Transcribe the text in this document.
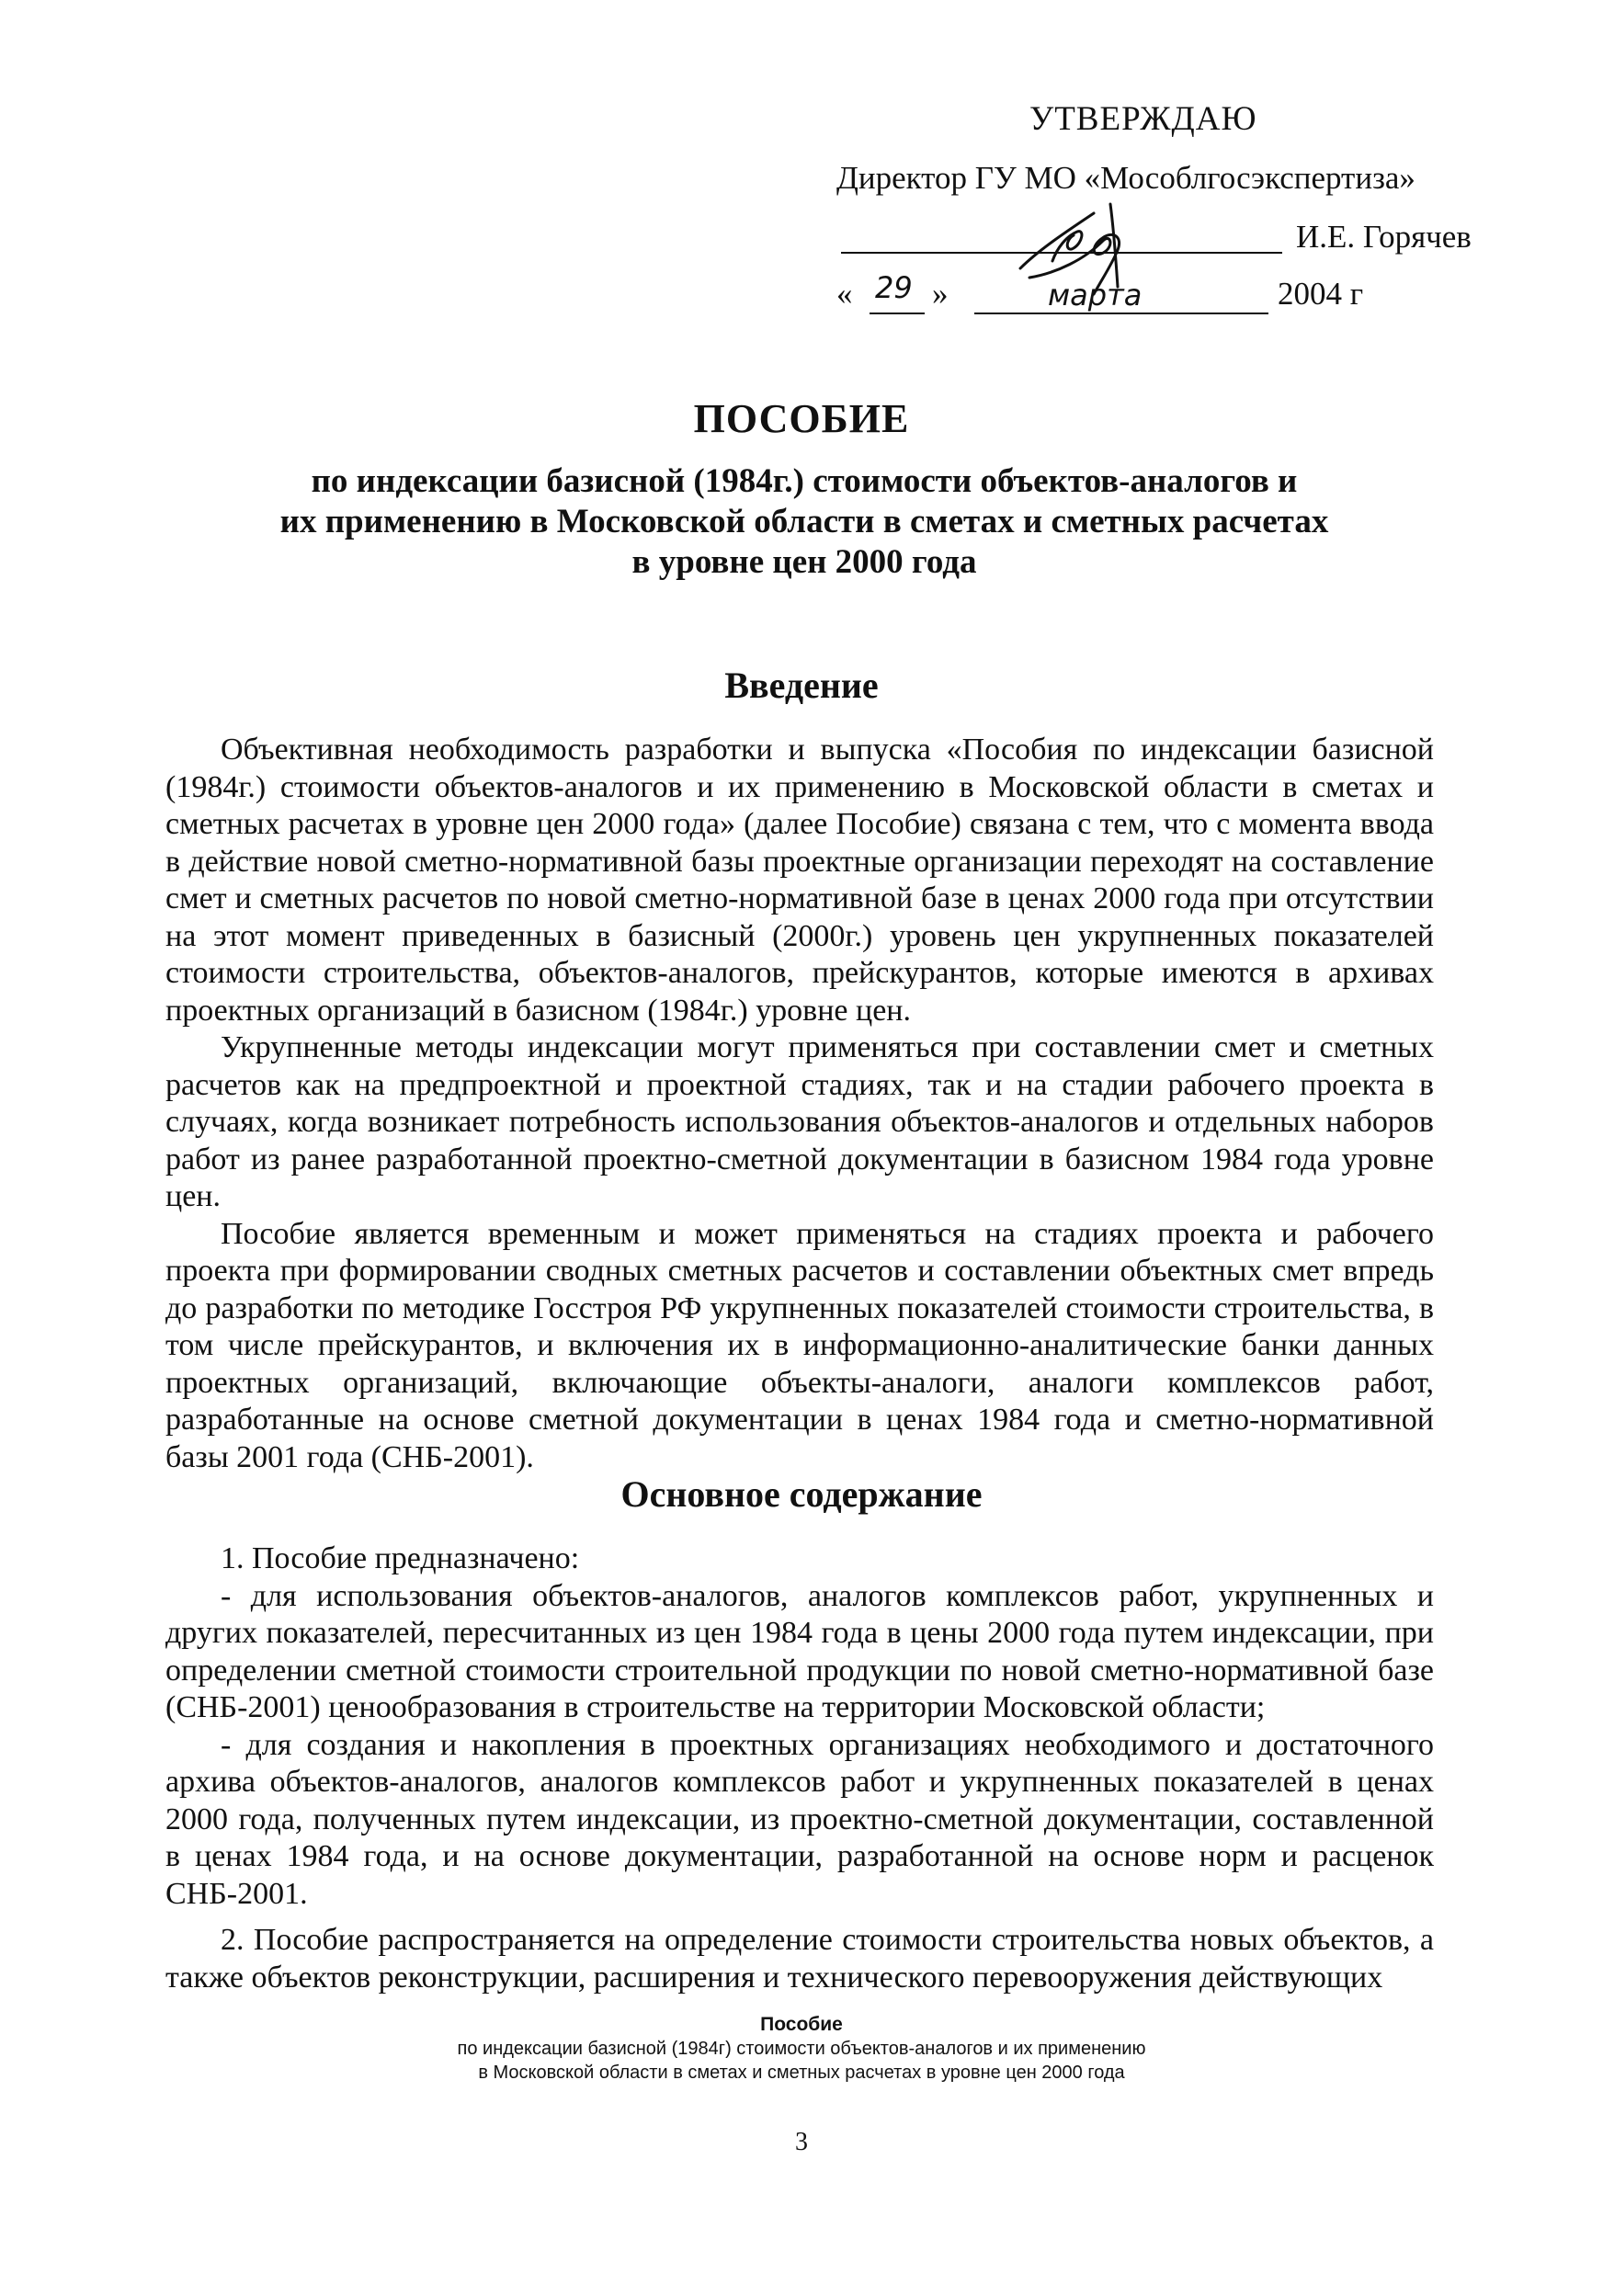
УТВЕРЖДАЮ
Директор ГУ МО «Мособлгосэкспертиза»
И.Е. Горячев
« 29 »	марта	2004 г
ПОСОБИЕ
по индексации базисной (1984г.) стоимости объектов-аналогов и
их применению в Московской области в сметах и сметных расчетах
в уровне цен 2000 года
Введение

Объективная необходимость разработки и выпуска «Пособия по индексации базисной (1984г.) стоимости объектов-аналогов и их применению в Московской области в сметах и сметных расчетах в уровне цен 2000 года» (далее Пособие) связана с тем, что с момента ввода в действие новой сметно-нормативной базы проектные организации переходят на составление смет и сметных расчетов по новой сметно-нормативной базе в ценах 2000 года при отсутствии на этот момент приведенных в базисный (2000г.) уровень цен укрупненных показателей стоимости строительства, объектов-аналогов, прейскурантов, которые имеются в архивах проектных организаций в базисном (1984г.) уровне цен.

Укрупненные методы индексации могут применяться при составлении смет и сметных расчетов как на предпроектной и проектной стадиях, так и на стадии рабочего проекта в случаях, когда возникает потребность использования объектов-аналогов и отдельных наборов работ из ранее разработанной проектно-сметной документации в базисном 1984 года уровне цен.

Пособие является временным и может применяться на стадиях проекта и рабочего проекта при формировании сводных сметных расчетов и составлении объектных смет впредь до разработки по методике Госстроя РФ укрупненных показателей стоимости строительства, в том числе прейскурантов, и включения их в информационно-аналитические банки данных проектных организаций, включающие объекты-аналоги, аналоги комплексов работ, разработанные на основе сметной документации в ценах 1984 года и сметно-нормативной базы 2001 года (СНБ-2001).

Основное содержание

1. Пособие предназначено:

- для использования объектов-аналогов, аналогов комплексов работ, укрупненных и других показателей, пересчитанных из цен 1984 года в цены 2000 года путем индексации, при определении сметной стоимости строительной продукции по новой сметно-нормативной базе (СНБ-2001) ценообразования в строительстве на территории Московской области;

- для создания и накопления в проектных организациях необходимого и достаточного архива объектов-аналогов, аналогов комплексов работ и укрупненных показателей в ценах 2000 года, полученных путем индексации, из проектно-сметной документации, составленной в ценах 1984 года, и на основе документации, разработанной на основе норм и расценок СНБ-2001.

2. Пособие распространяется на определение стоимости строительства новых объектов, а также объектов реконструкции, расширения и технического перевооружения действующих

Пособие
по индексации базисной (1984г) стоимости объектов-аналогов и их применению
в Московской области в сметах и сметных расчетах в уровне цен 2000 года
3
